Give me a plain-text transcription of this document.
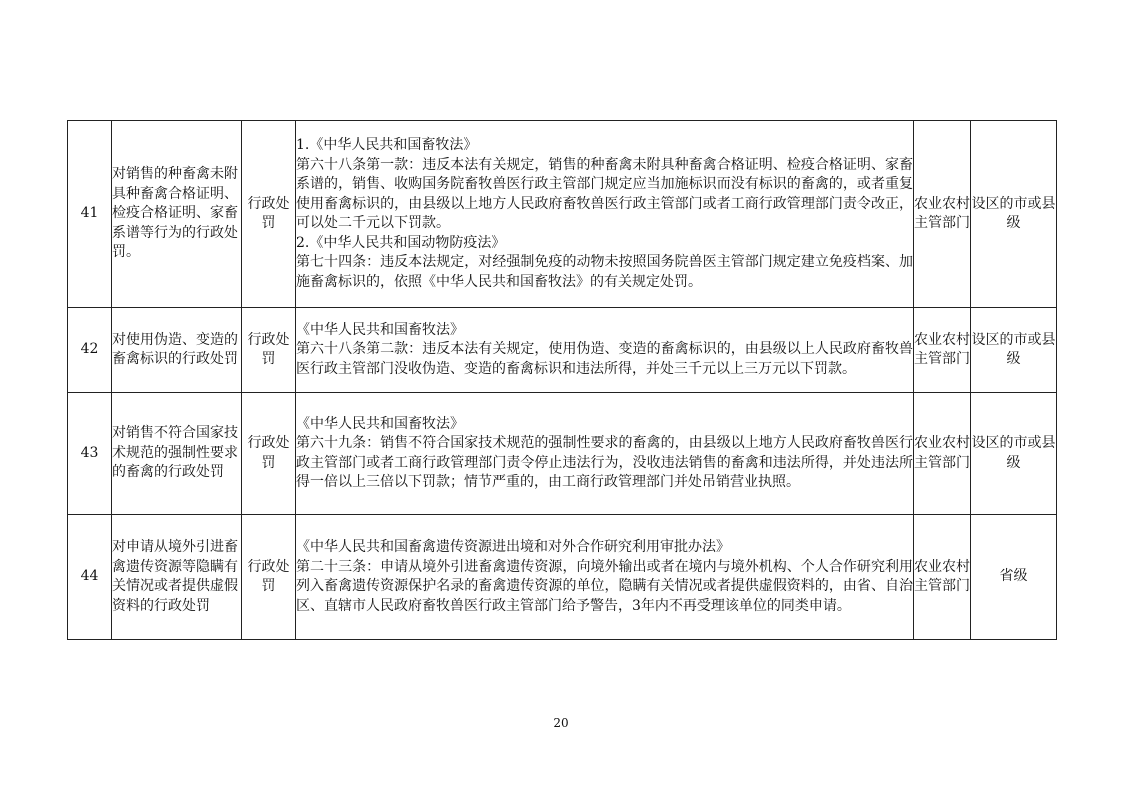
41	对销售的种畜禽未附具种畜禽合格证明、检疫合格证明、家畜系谱等行为的行政处罚。	行政处罚	1.《中华人民共和国畜牧法》
第六十八条第一款：违反本法有关规定，销售的种畜禽未附具种畜禽合格证明、检疫合格证明、家畜系谱的，销售、收购国务院畜牧兽医行政主管部门规定应当加施标识而没有标识的畜禽的，或者重复使用畜禽标识的，由县级以上地方人民政府畜牧兽医行政主管部门或者工商行政管理部门责令改正，可以处二千元以下罚款。
2.《中华人民共和国动物防疫法》
第七十四条：违反本法规定，对经强制免疫的动物未按照国务院兽医主管部门规定建立免疫档案、加施畜禽标识的，依照《中华人民共和国畜牧法》的有关规定处罚。	农业农村主管部门	设区的市或县级
42	对使用伪造、变造的畜禽标识的行政处罚	行政处罚	《中华人民共和国畜牧法》
第六十八条第二款：违反本法有关规定，使用伪造、变造的畜禽标识的，由县级以上人民政府畜牧兽医行政主管部门没收伪造、变造的畜禽标识和违法所得，并处三千元以上三万元以下罚款。	农业农村主管部门	设区的市或县级
43	对销售不符合国家技术规范的强制性要求的畜禽的行政处罚	行政处罚	《中华人民共和国畜牧法》
第六十九条：销售不符合国家技术规范的强制性要求的畜禽的，由县级以上地方人民政府畜牧兽医行政主管部门或者工商行政管理部门责令停止违法行为，没收违法销售的畜禽和违法所得，并处违法所得一倍以上三倍以下罚款；情节严重的，由工商行政管理部门并处吊销营业执照。	农业农村主管部门	设区的市或县级
44	对申请从境外引进畜禽遗传资源等隐瞒有关情况或者提供虚假资料的行政处罚	行政处罚	《中华人民共和国畜禽遗传资源进出境和对外合作研究利用审批办法》
第二十三条：申请从境外引进畜禽遗传资源，向境外输出或者在境内与境外机构、个人合作研究利用列入畜禽遗传资源保护名录的畜禽遗传资源的单位，隐瞒有关情况或者提供虚假资料的，由省、自治区、直辖市人民政府畜牧兽医行政主管部门给予警告，3年内不再受理该单位的同类申请。	农业农村主管部门	省级
20
